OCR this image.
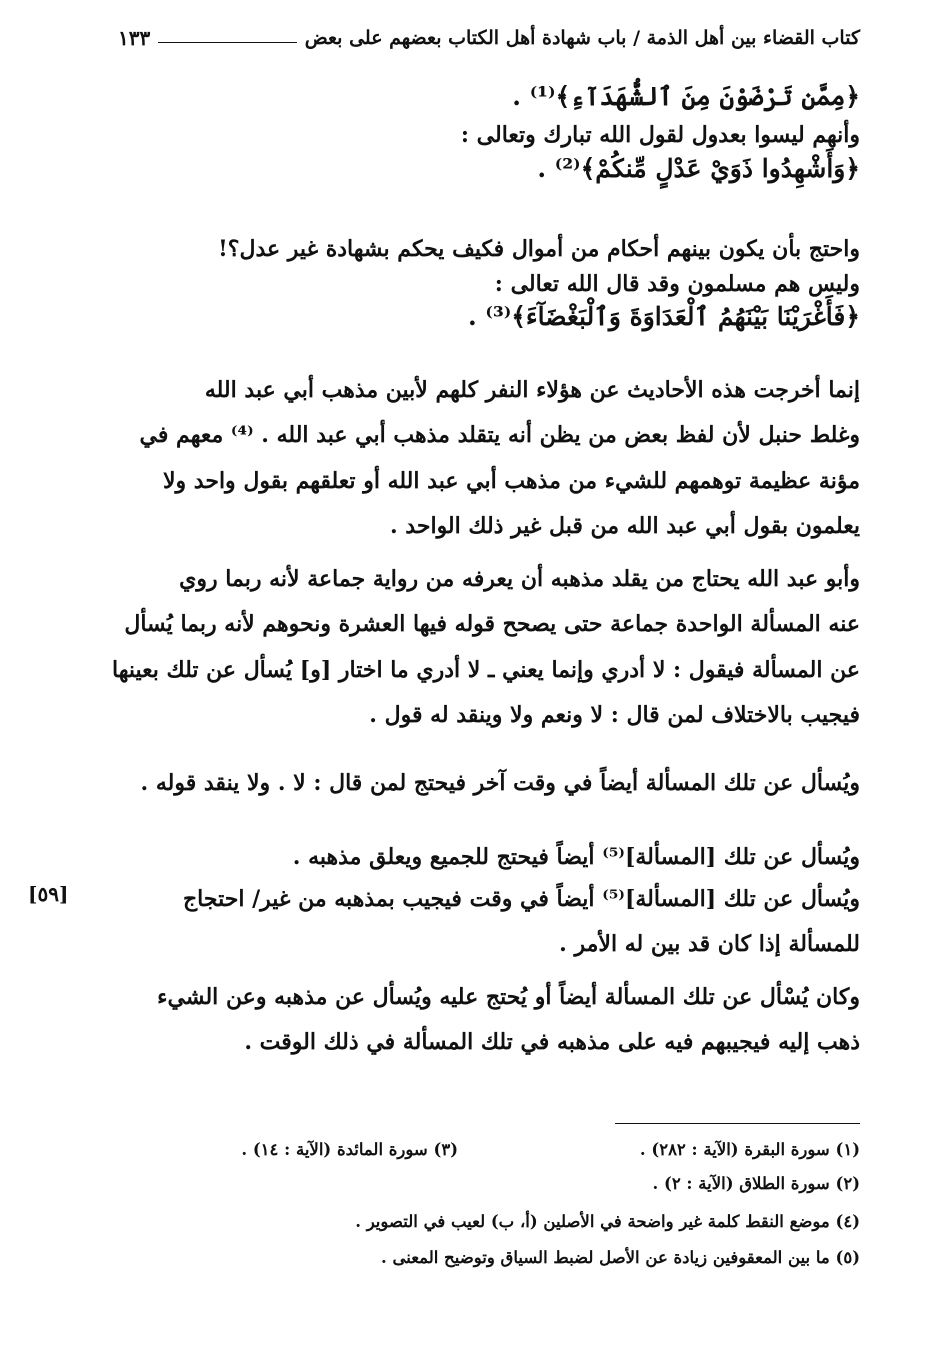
كتاب القضاء بين أهل الذمة / باب شهادة أهل الكتاب بعضهم على بعض
١٣٣
﴿مِمَّن تَرْضَوْنَ مِنَ ٱلشُّهَدَآءِ﴾⁽¹⁾ .
وأنهم ليسوا بعدول لقول الله تبارك وتعالى :
﴿وَأَشْهِدُوا ذَوَيْ عَدْلٍ مِّنكُمْ﴾⁽²⁾ .
واحتج بأن يكون بينهم أحكام من أموال فكيف يحكم بشهادة غير عدل؟!
وليس هم مسلمون وقد قال الله تعالى :
﴿فَأَغْرَيْنَا بَيْنَهُمُ ٱلْعَدَاوَةَ وَٱلْبَغْضَآءَ﴾⁽³⁾ .
إنما أخرجت هذه الأحاديث عن هؤلاء النفر كلهم لأبين مذهب أبي عبد الله
وغلط حنبل لأن لفظ بعض من يظن أنه يتقلد مذهب أبي عبد الله . ⁽⁴⁾ معهم في
مؤنة عظيمة توهمهم للشيء من مذهب أبي عبد الله أو تعلقهم بقول واحد ولا
يعلمون بقول أبي عبد الله من قبل غير ذلك الواحد .
وأبو عبد الله يحتاج من يقلد مذهبه أن يعرفه من رواية جماعة لأنه ربما روي
عنه المسألة الواحدة جماعة حتى يصحح قوله فيها العشرة ونحوهم لأنه ربما يُسأل
عن المسألة فيقول : لا أدري وإنما يعني ـ لا أدري ما اختار [و] يُسأل عن تلك بعينها
فيجيب بالاختلاف لمن قال : لا ونعم ولا وينقد له قول .
ويُسأل عن تلك المسألة أيضاً في وقت آخر فيحتج لمن قال : لا . ولا ينقد قوله .
ويُسأل عن تلك [المسألة]⁽⁵⁾ أيضاً فيحتج للجميع ويعلق مذهبه .
ويُسأل عن تلك [المسألة]⁽⁵⁾ أيضاً في وقت فيجيب بمذهبه من غير/ احتجاج
للمسألة إذا كان قد بين له الأمر .
[٥٩]
وكان يُسْأل عن تلك المسألة أيضاً أو يُحتج عليه ويُسأل عن مذهبه وعن الشيء
ذهب إليه فيجيبهم فيه على مذهبه في تلك المسألة في ذلك الوقت .
(١) سورة البقرة (الآية : ٢٨٢) .
(٣) سورة المائدة (الآية : ١٤) .
(٢) سورة الطلاق (الآية : ٢) .
(٤) موضع النقط كلمة غير واضحة في الأصلين (أ، ب) لعيب في التصوير .
(٥) ما بين المعقوفين زيادة عن الأصل لضبط السياق وتوضيح المعنى .
